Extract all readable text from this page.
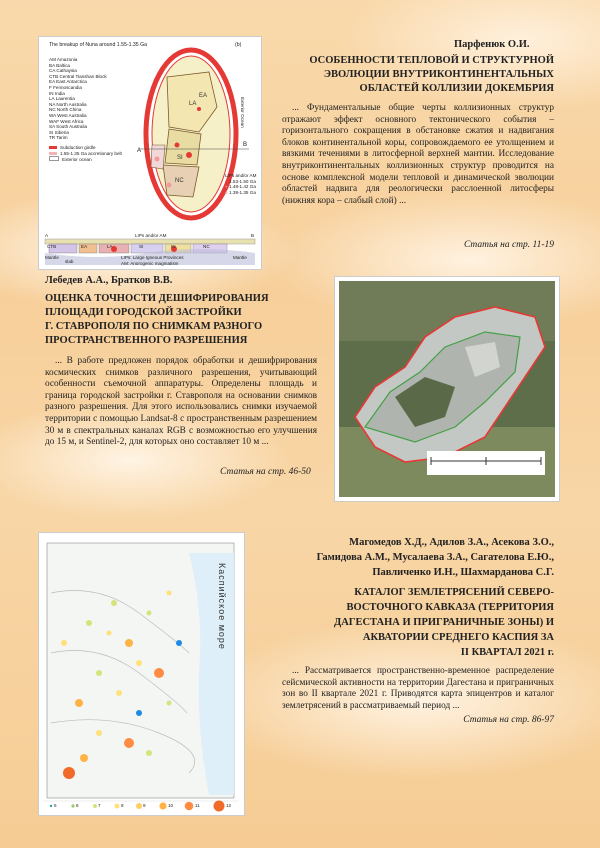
A
B
LA
SI
EA
NC
The breakup of Nuna around 1.55-1.35 Ga	(b)
AM Amazonia
BA Baltica
CA Cathaysia
CTB Central Tianshan Block
EA East Antarctica
F Fennoscandia
IN India
LA Laurentia
NA North Australia
NC North China
WA West Australia
WAF West Africa
SA South Australia
SI Siberia
TR Tarim
Subduction girdle
1.55-1.35 Ga accretionary belt
Exterior ocean
LIPs and/or AM
● 1.53-1.50 Ga
● 1.48-1.42 Ga
● 1.38-1.35 Ga
Exterior Ocean
LIPs and/or AM
CTB	EA	LA	SI	IN	NC
A	B
Mantle	Mantle
slab
LIPs: Large Igneous Provinces
AM: Anorogenic magmatism
Парфенюк О.И.
ОСОБЕННОСТИ ТЕПЛОВОЙ И СТРУКТУРНОЙ
ЭВОЛЮЦИИ ВНУТРИКОНТИНЕНТАЛЬНЫХ
ОБЛАСТЕЙ КОЛЛИЗИИ ДОКЕМБРИЯ
... Фундаментальные общие черты коллизионных структур отражают эффект основного тектонического события – горизонтального сокращения в обстановке сжатия и надвигания блоков континентальной коры, сопровождаемого ее утолщением и вязкими течениями в литосферной верхней мантии. Исследование внутриконтинентальных коллизионных структур проводится на основе комплексной модели тепловой и динамической эволюции областей надвига для реологически расслоенной литосферы (нижняя кора – слабый слой) ...
Статья на стр. 11-19
Лебедев А.А., Братков В.В.
ОЦЕНКА ТОЧНОСТИ ДЕШИФРИРОВАНИЯ
ПЛОЩАДИ ГОРОДСКОЙ ЗАСТРОЙКИ
Г. СТАВРОПОЛЯ ПО СНИМКАМ РАЗНОГО
ПРОСТРАНСТВЕННОГО РАЗРЕШЕНИЯ
... В работе предложен порядок обработки и дешифрирования космических снимков различного разрешения, учитывающий особенности съемочной аппаратуры. Определены площадь и граница городской застройки г. Ставрополя на основании снимков разного разрешения. Для этого использовались снимки изучаемой территории с помощью Landsat-8 с пространственным разрешением 30 м в спектральных каналах RGB с возможностью его улучшения до 15 м, и Sentinel-2, для которых оно составляет 10 м ...
Статья на стр. 46-50
Каспийское море
5	6	7	8	9	10	11	12
Магомедов Х.Д., Адилов З.А., Асекова З.О.,
Гамидова А.М., Мусалаева З.А., Сагателова Е.Ю.,
Павличенко И.Н., Шахмарданова С.Г.
КАТАЛОГ ЗЕМЛЕТРЯСЕНИЙ СЕВЕРО-
ВОСТОЧНОГО КАВКАЗА (ТЕРРИТОРИЯ
ДАГЕСТАНА И ПРИГРАНИЧНЫЕ ЗОНЫ) И
АКВАТОРИИ СРЕДНЕГО КАСПИЯ ЗА
II КВАРТАЛ 2021 г.
... Рассматривается пространственно-временное распределение сейсмической активности на территории Дагестана и приграничных зон во II квартале 2021 г. Приводятся карта эпицентров и каталог землетрясений в рассматриваемый период ...
Статья на стр. 86-97
